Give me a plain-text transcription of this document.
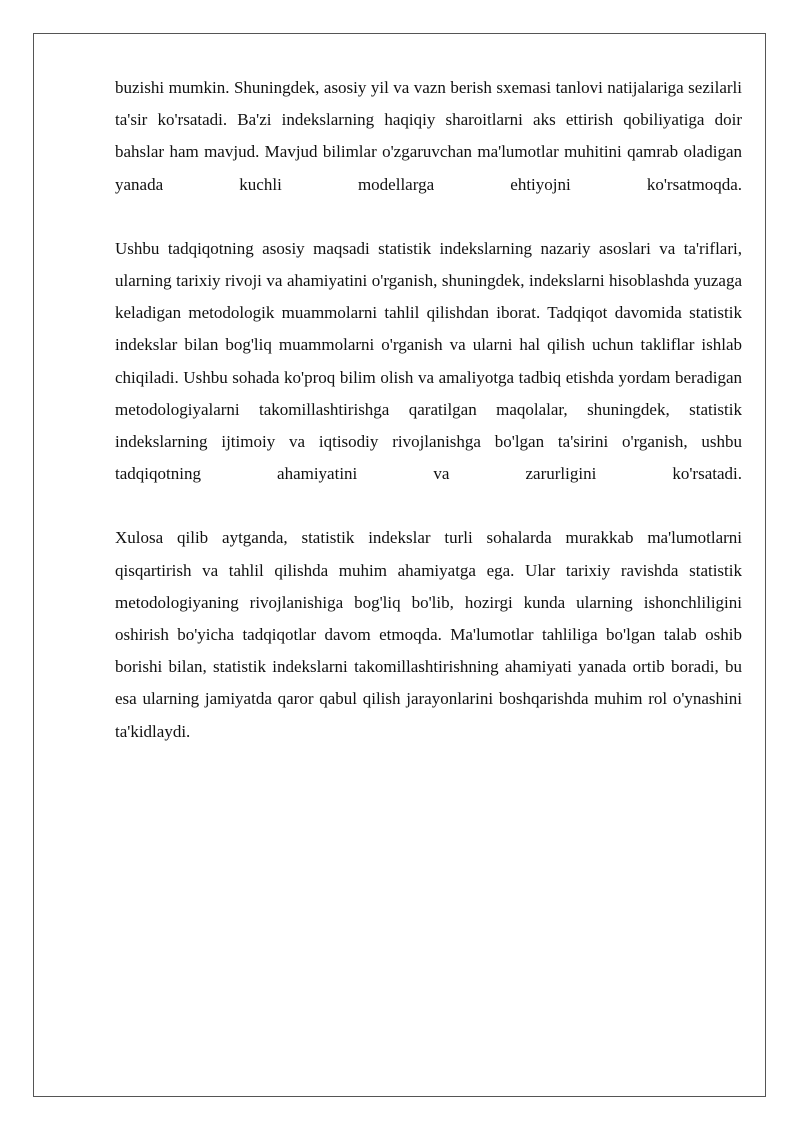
buzishi mumkin. Shuningdek, asosiy yil va vazn berish sxemasi tanlovi natijalariga sezilarli ta'sir ko'rsatadi. Ba'zi indekslarning haqiqiy sharoitlarni aks ettirish qobiliyatiga doir bahslar ham mavjud. Mavjud bilimlar o'zgaruvchan ma'lumotlar muhitini qamrab oladigan yanada kuchli modellarga ehtiyojni ko'rsatmoqda.

Ushbu tadqiqotning asosiy maqsadi statistik indekslarning nazariy asoslari va ta'riflari, ularning tarixiy rivoji va ahamiyatini o'rganish, shuningdek, indekslarni hisoblashda yuzaga keladigan metodologik muammolarni tahlil qilishdan iborat. Tadqiqot davomida statistik indekslar bilan bog'liq muammolarni o'rganish va ularni hal qilish uchun takliflar ishlab chiqiladi. Ushbu sohada ko'proq bilim olish va amaliyotga tadbiq etishda yordam beradigan metodologiyalarni takomillashtirishga qaratilgan maqolalar, shuningdek, statistik indekslarning ijtimoiy va iqtisodiy rivojlanishga bo'lgan ta'sirini o'rganish, ushbu tadqiqotning ahamiyatini va zarurligini ko'rsatadi.

Xulosa qilib aytganda, statistik indekslar turli sohalarda murakkab ma'lumotlarni qisqartirish va tahlil qilishda muhim ahamiyatga ega. Ular tarixiy ravishda statistik metodologiyaning rivojlanishiga bog'liq bo'lib, hozirgi kunda ularning ishonchliligini oshirish bo'yicha tadqiqotlar davom etmoqda. Ma'lumotlar tahliliga bo'lgan talab oshib borishi bilan, statistik indekslarni takomillashtirishning ahamiyati yanada ortib boradi, bu esa ularning jamiyatda qaror qabul qilish jarayonlarini boshqarishda muhim rol o'ynashini ta'kidlaydi.
